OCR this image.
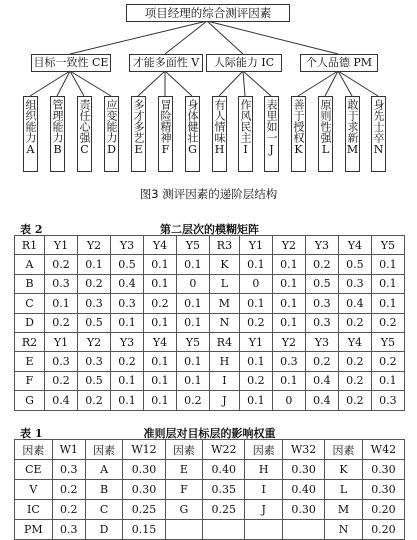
项目经理的综合测评因素
目标一致性 CE	才能多面性 V	人际能力 IC	个人品德 PM
组织能力A 管理能力B 责任心强C 应变能力D 多才多艺E 冒险精神F 身体健壮G 有人情味H 作风民主I 表里如一J 善于授权K 原则性强L 敢于求新M 身先士卒N
图3 测评因素的递阶层结构
表 2	第二层次的模糊矩阵
R1	Y1	Y2	Y3	Y4	Y5	R3	Y1	Y2	Y3	Y4	Y5
A	0.2	0.1	0.5	0.1	0.1	K	0.1	0.1	0.2	0.5	0.1
B	0.3	0.2	0.4	0.1	0	L	0	0.1	0.5	0.3	0.1
C	0.1	0.3	0.3	0.2	0.1	M	0.1	0.1	0.3	0.4	0.1
D	0.2	0.5	0.1	0.1	0.1	N	0.2	0.1	0.3	0.2	0.2
R2	Y1	Y2	Y3	Y4	Y5	R4	Y1	Y2	Y3	Y4	Y5
E	0.3	0.3	0.2	0.1	0.1	H	0.1	0.3	0.2	0.2	0.2
F	0.2	0.5	0.1	0.1	0.1	I	0.2	0.1	0.4	0.2	0.1
G	0.4	0.2	0.1	0.1	0.2	J	0.1	0	0.4	0.2	0.3
表 1	准则层对目标层的影响权重
因素	W1	因素	W12	因素	W22	因素	W32	因素	W42
CE	0.3	A	0.30	E	0.40	H	0.30	K	0.30
V	0.2	B	0.30	F	0.35	I	0.40	L	0.30
IC	0.2	C	0.25	G	0.25	J	0.30	M	0.20
PM	0.3	D	0.15					N	0.20
